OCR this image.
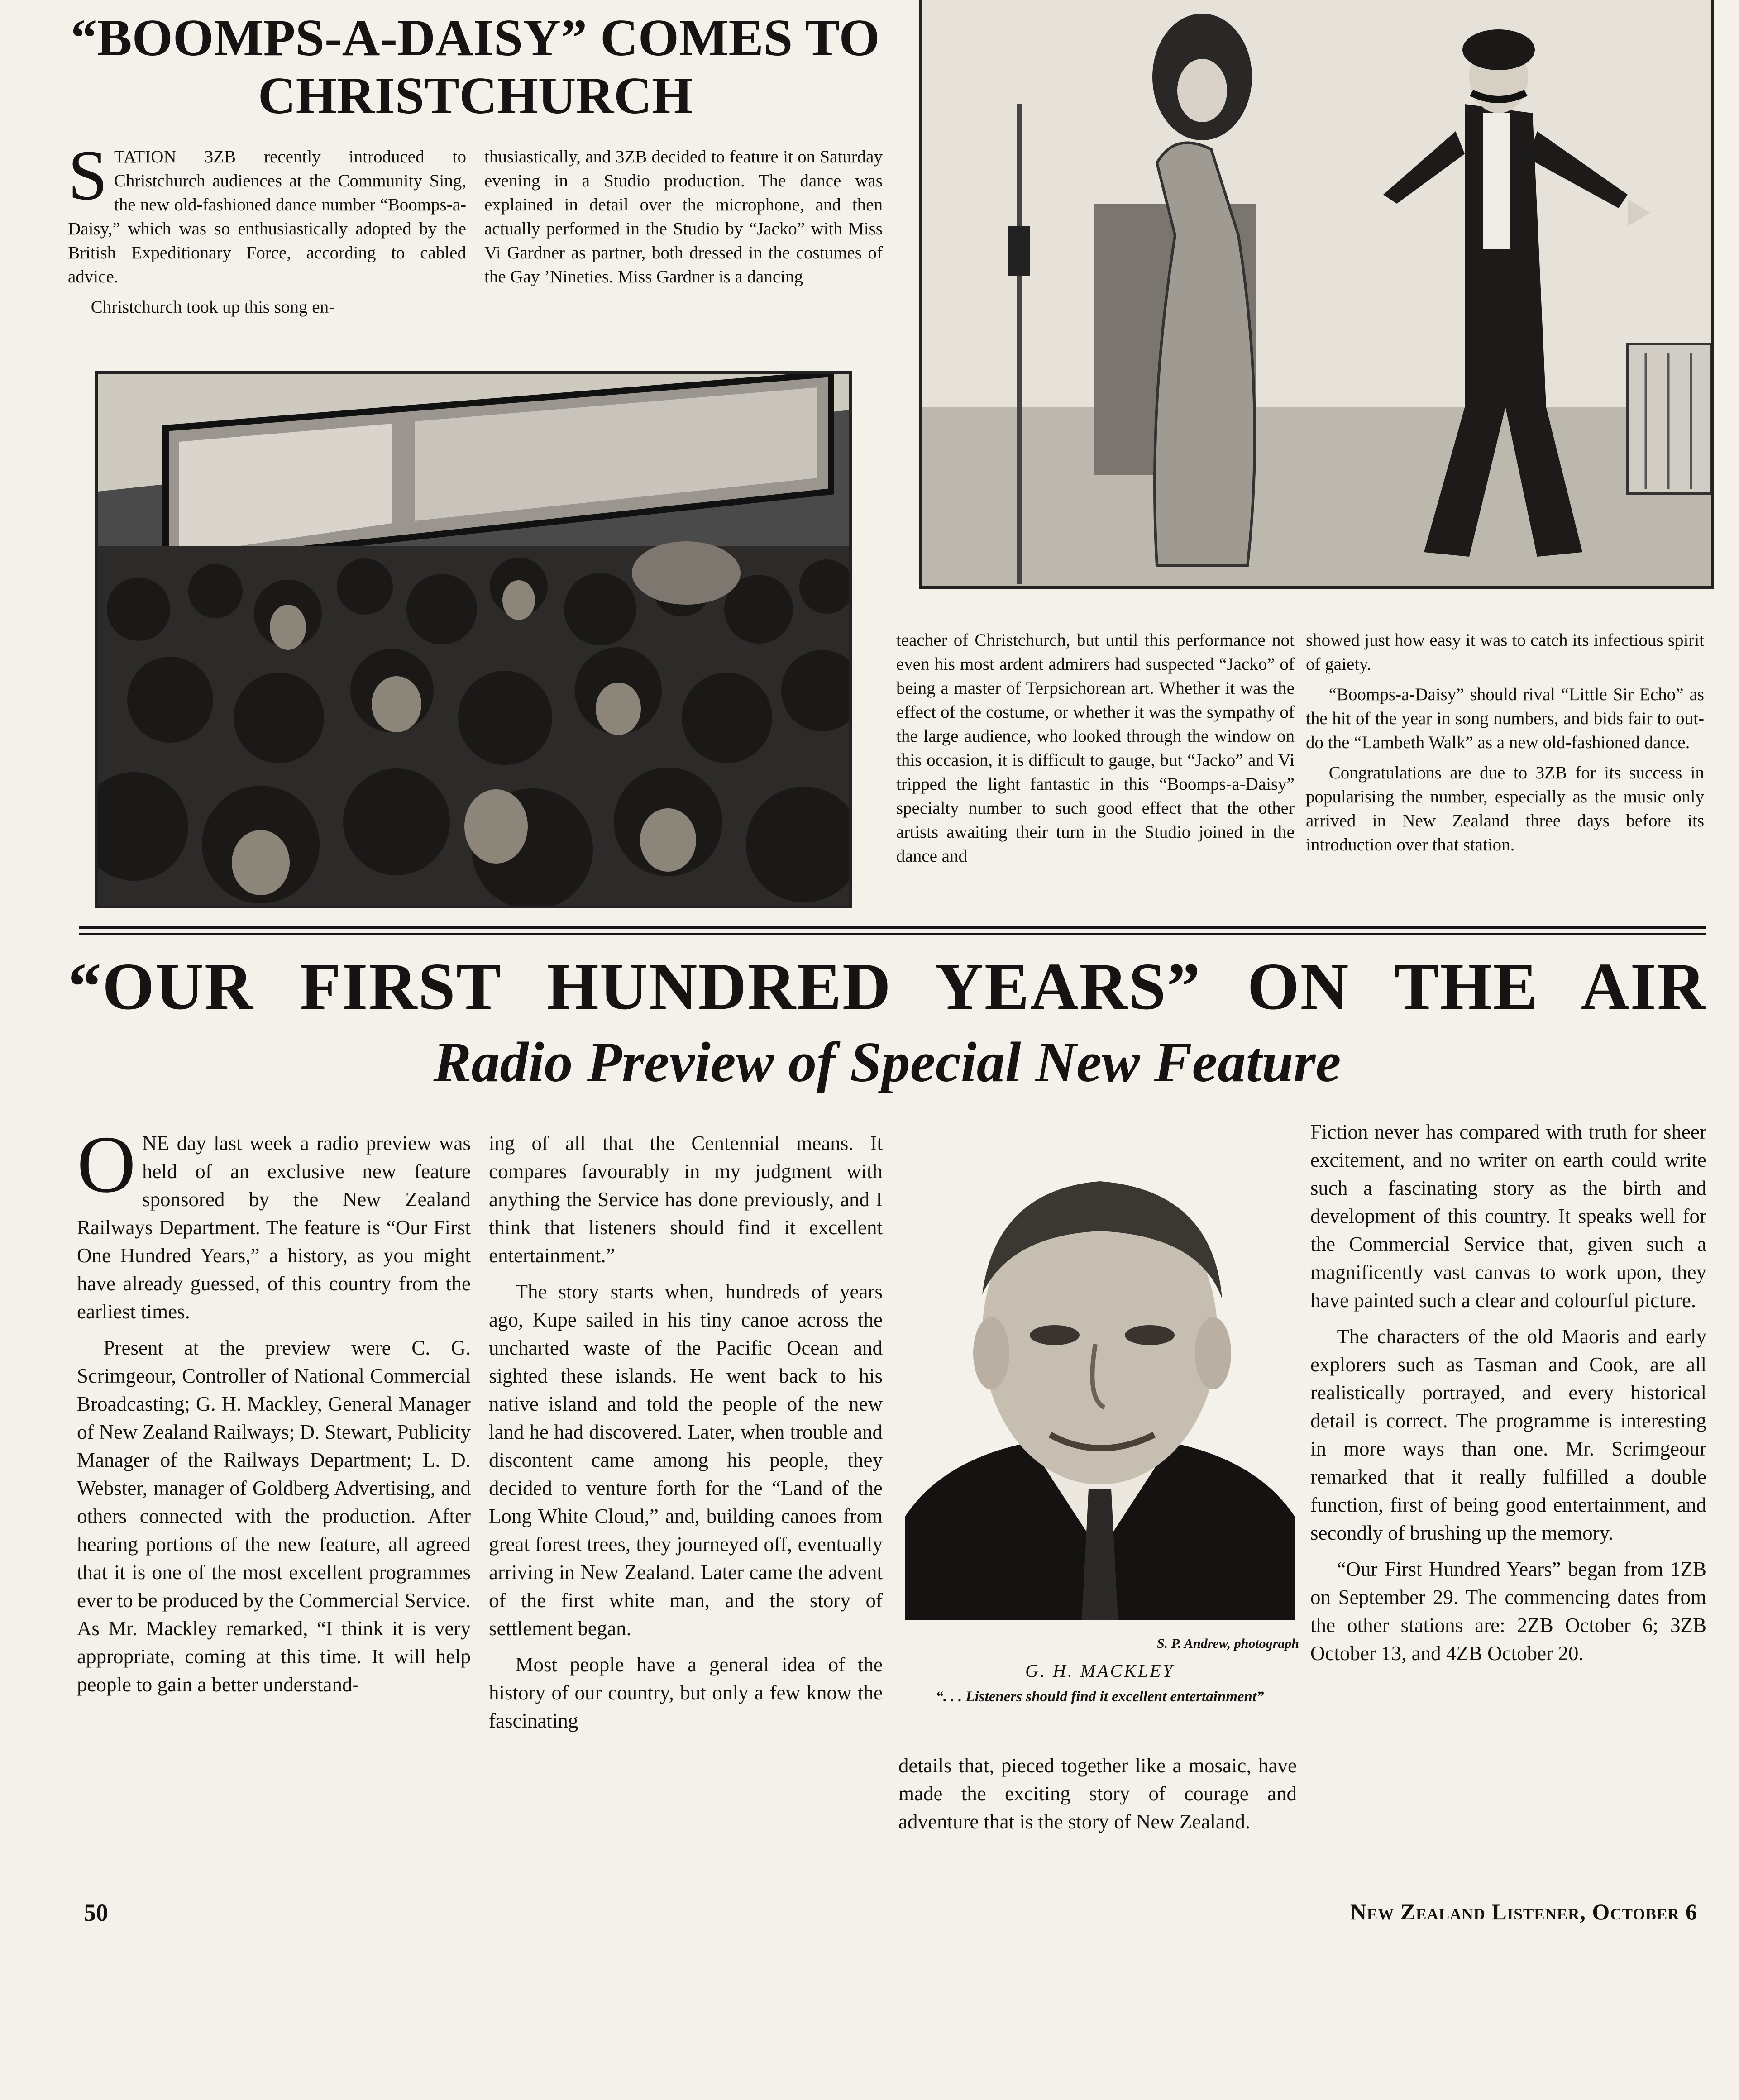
“BOOMPS-A-DAISY” COMES TO
CHRISTCHURCH

STATION 3ZB recently introduced to Christchurch audiences at the Community Sing, the new old-fashioned dance number “Boomps-a-Daisy,” which was so enthusiastically adopted by the British Expeditionary Force, according to cabled advice.

Christchurch took up this song en-

thusiastically, and 3ZB decided to feature it on Saturday evening in a Studio production. The dance was explained in detail over the microphone, and then actually performed in the Studio by “Jacko” with Miss Vi Gardner as partner, both dressed in the costumes of the Gay ’Nineties. Miss Gardner is a dancing

teacher of Christchurch, but until this performance not even his most ardent admirers had suspected “Jacko” of being a master of Terpsichorean art. Whether it was the effect of the costume, or whether it was the sympathy of the large audience, who looked through the window on this occasion, it is difficult to gauge, but “Jacko” and Vi tripped the light fantastic in this “Boomps-a-Daisy” specialty number to such good effect that the other artists awaiting their turn in the Studio joined in the dance and

showed just how easy it was to catch its infectious spirit of gaiety.

“Boomps-a-Daisy” should rival “Little Sir Echo” as the hit of the year in song numbers, and bids fair to out-do the “Lambeth Walk” as a new old-fashioned dance.

Congratulations are due to 3ZB for its success in popularising the number, especially as the music only arrived in New Zealand three days before its introduction over that station.

“OUR FIRST HUNDRED YEARS” ON THE AIR
Radio Preview of Special New Feature

ONE day last week a radio preview was held of an exclusive new feature sponsored by the New Zealand Railways Department. The feature is “Our First One Hundred Years,” a history, as you might have already guessed, of this country from the earliest times.

Present at the preview were C. G. Scrimgeour, Controller of National Commercial Broadcasting; G. H. Mackley, General Manager of New Zealand Railways; D. Stewart, Publicity Manager of the Railways Department; L. D. Webster, manager of Goldberg Advertising, and others connected with the production. After hearing portions of the new feature, all agreed that it is one of the most excellent programmes ever to be produced by the Commercial Service. As Mr. Mackley remarked, “I think it is very appropriate, coming at this time. It will help people to gain a better understand-

ing of all that the Centennial means. It compares favourably in my judgment with anything the Service has done previously, and I think that listeners should find it excellent entertainment.”

The story starts when, hundreds of years ago, Kupe sailed in his tiny canoe across the uncharted waste of the Pacific Ocean and sighted these islands. He went back to his native island and told the people of the new land he had discovered. Later, when trouble and discontent came among his people, they decided to venture forth for the “Land of the Long White Cloud,” and, building canoes from great forest trees, they journeyed off, eventually arriving in New Zealand. Later came the advent of the first white man, and the story of settlement began.

Most people have a general idea of the history of our country, but only a few know the fascinating

S. P. Andrew, photograph
G. H. MACKLEY
“. . . Listeners should find it excellent entertainment”

details that, pieced together like a mosaic, have made the exciting story of courage and adventure that is the story of New Zealand.

Fiction never has compared with truth for sheer excitement, and no writer on earth could write such a fascinating story as the birth and development of this country. It speaks well for the Commercial Service that, given such a magnificently vast canvas to work upon, they have painted such a clear and colourful picture.

The characters of the old Maoris and early explorers such as Tasman and Cook, are all realistically portrayed, and every historical detail is correct. The programme is interesting in more ways than one. Mr. Scrimgeour remarked that it really fulfilled a double function, first of being good entertainment, and secondly of brushing up the memory.

“Our First Hundred Years” began from 1ZB on September 29. The commencing dates from the other stations are: 2ZB October 6; 3ZB October 13, and 4ZB October 20.

50	New Zealand Listener, October 6
